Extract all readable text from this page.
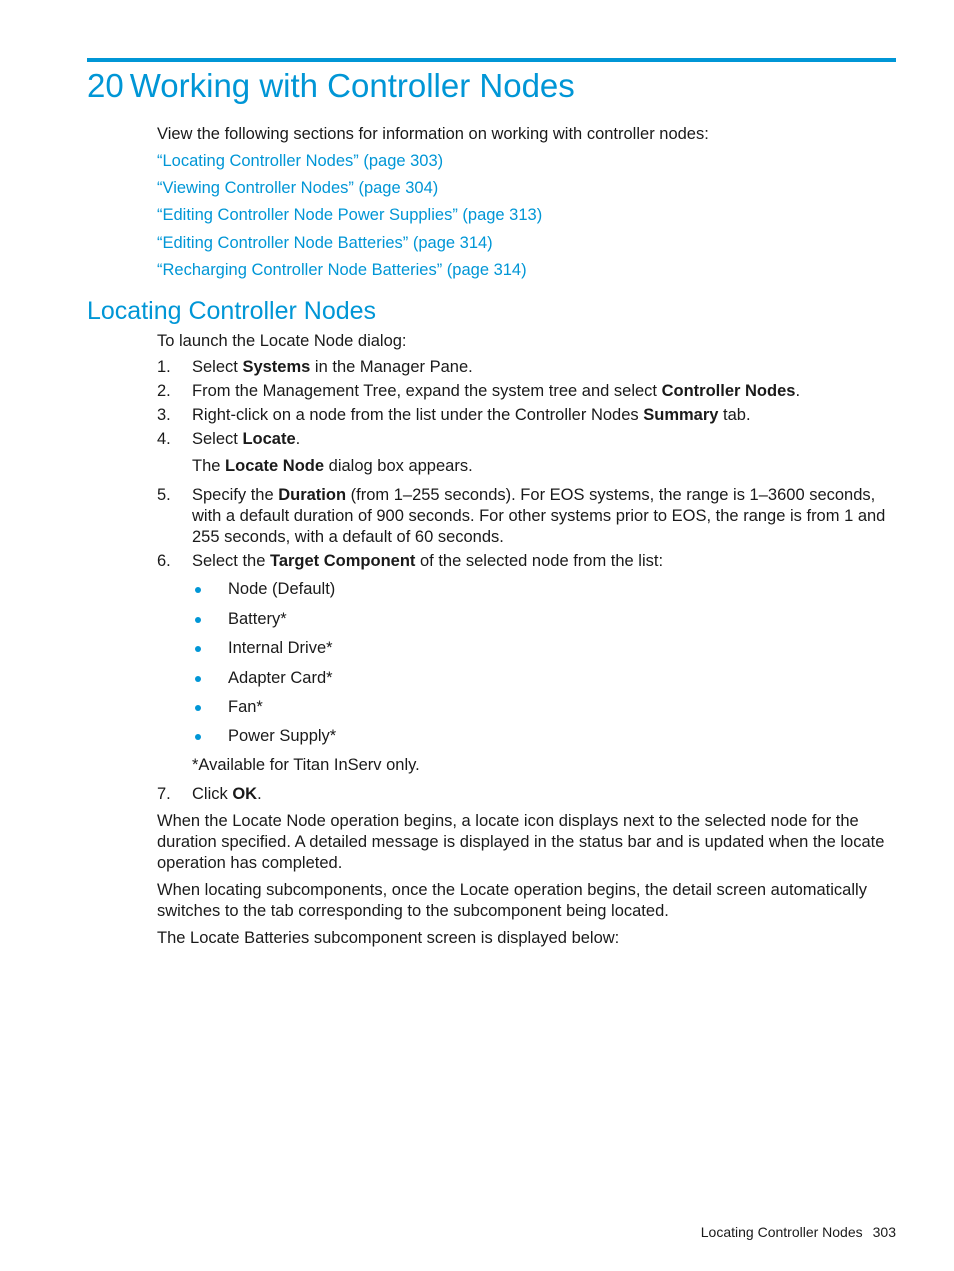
20 Working with Controller Nodes

View the following sections for information on working with controller nodes:

“Locating Controller Nodes” (page 303)
“Viewing Controller Nodes” (page 304)
“Editing Controller Node Power Supplies” (page 313)
“Editing Controller Node Batteries” (page 314)
“Recharging Controller Node Batteries” (page 314)
Locating Controller Nodes

To launch the Locate Node dialog:

1. Select Systems in the Manager Pane.
2. From the Management Tree, expand the system tree and select Controller Nodes.
3. Right-click on a node from the list under the Controller Nodes Summary tab.
4. Select Locate.
The Locate Node dialog box appears.
5. Specify the Duration (from 1–255 seconds). For EOS systems, the range is 1–3600 seconds, with a default duration of 900 seconds. For other systems prior to EOS, the range is from 1 and 255 seconds, with a default of 60 seconds.
6. Select the Target Component of the selected node from the list:
Node (Default)
Battery*
Internal Drive*
Adapter Card*
Fan*
Power Supply*
*Available for Titan InServ only.
7. Click OK.

When the Locate Node operation begins, a locate icon displays next to the selected node for the duration specified. A detailed message is displayed in the status bar and is updated when the locate operation has completed.

When locating subcomponents, once the Locate operation begins, the detail screen automatically switches to the tab corresponding to the subcomponent being located.

The Locate Batteries subcomponent screen is displayed below:

Locating Controller Nodes 303
